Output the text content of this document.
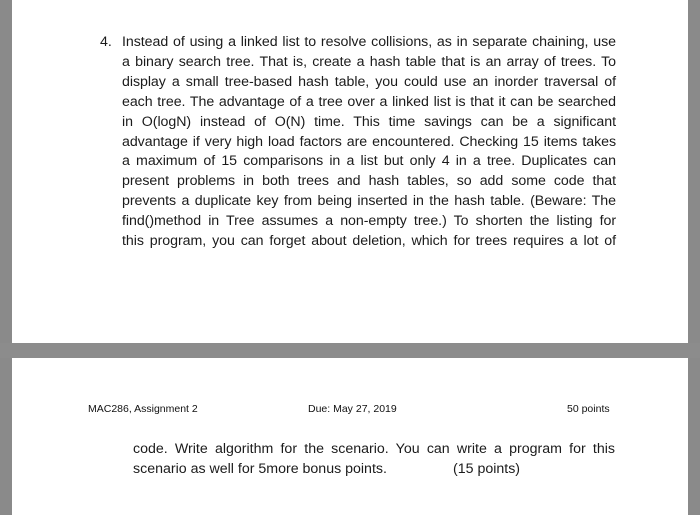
4. Instead of using a linked list to resolve collisions, as in separate chaining, use
a binary search tree. That is, create a hash table that is an array of trees. To
display a small tree-based hash table, you could use an inorder traversal of
each tree. The advantage of a tree over a linked list is that it can be searched
in O(logN) instead of O(N) time. This time savings can be a significant
advantage if very high load factors are encountered. Checking 15 items takes
a maximum of 15 comparisons in a list but only 4 in a tree. Duplicates can
present problems in both trees and hash tables, so add some code that
prevents a duplicate key from being inserted in the hash table. (Beware: The
find()method in Tree assumes a non-empty tree.) To shorten the listing for
this program, you can forget about deletion, which for trees requires a lot of
MAC286, Assignment 2	Due: May 27, 2019	50 points
code. Write algorithm for the scenario. You can write a program for this
scenario as well for 5more bonus points.	(15 points)
